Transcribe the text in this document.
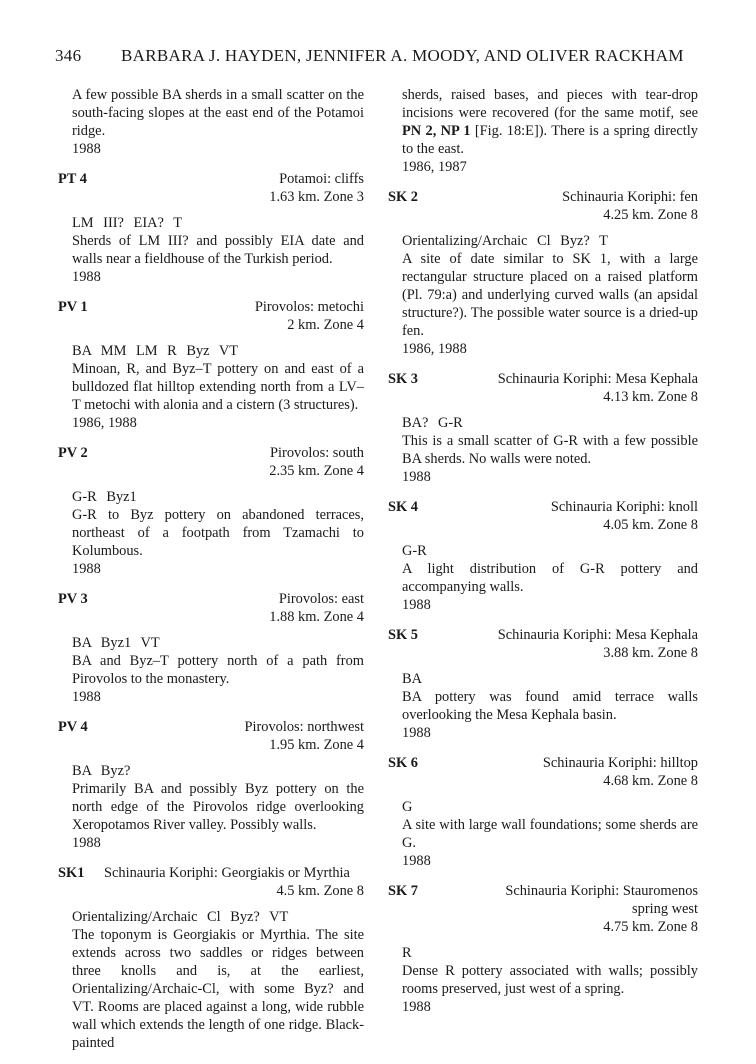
346 BARBARA J. HAYDEN, JENNIFER A. MOODY, AND OLIVER RACKHAM
A few possible BA sherds in a small scatter on the south-facing slopes at the east end of the Potamoi ridge.
1988
PT 4	Potamoi: cliffs
1.63 km. Zone 3
LM III? EIA? T
Sherds of LM III? and possibly EIA date and walls near a fieldhouse of the Turkish period.
1988
PV 1	Pirovolos: metochi
2 km. Zone 4
BA MM LM R Byz VT
Minoan, R, and Byz–T pottery on and east of a bulldozed flat hilltop extending north from a LV–T metochi with alonia and a cistern (3 structures).
1986, 1988
PV 2	Pirovolos: south
2.35 km. Zone 4
G-R Byz1
G-R to Byz pottery on abandoned terraces, northeast of a footpath from Tzamachi to Kolumbous.
1988
PV 3	Pirovolos: east
1.88 km. Zone 4
BA Byz1 VT
BA and Byz–T pottery north of a path from Pirovolos to the monastery.
1988
PV 4	Pirovolos: northwest
1.95 km. Zone 4
BA Byz?
Primarily BA and possibly Byz pottery on the north edge of the Pirovolos ridge overlooking Xeropotamos River valley. Possibly walls.
1988
SK1 Schinauria Koriphi: Georgiakis or Myrthia
4.5 km. Zone 8
Orientalizing/Archaic Cl Byz? VT
The toponym is Georgiakis or Myrthia. The site extends across two saddles or ridges between three knolls and is, at the earliest, Orientalizing/Archaic-Cl, with some Byz? and VT. Rooms are placed against a long, wide rubble wall which extends the length of one ridge. Black-painted
sherds, raised bases, and pieces with tear-drop incisions were recovered (for the same motif, see PN 2, NP 1 [Fig. 18:E]). There is a spring directly to the east.
1986, 1987
SK 2	Schinauria Koriphi: fen
4.25 km. Zone 8
Orientalizing/Archaic Cl Byz? T
A site of date similar to SK 1, with a large rectangular structure placed on a raised platform (Pl. 79:a) and underlying curved walls (an apsidal structure?). The possible water source is a dried-up fen.
1986, 1988
SK 3	Schinauria Koriphi: Mesa Kephala
4.13 km. Zone 8
BA? G-R
This is a small scatter of G-R with a few possible BA sherds. No walls were noted.
1988
SK 4	Schinauria Koriphi: knoll
4.05 km. Zone 8
G-R
A light distribution of G-R pottery and accompanying walls.
1988
SK 5	Schinauria Koriphi: Mesa Kephala
3.88 km. Zone 8
BA
BA pottery was found amid terrace walls overlooking the Mesa Kephala basin.
1988
SK 6	Schinauria Koriphi: hilltop
4.68 km. Zone 8
G
A site with large wall foundations; some sherds are G.
1988
SK 7	Schinauria Koriphi: Stauromenos spring west
4.75 km. Zone 8
R
Dense R pottery associated with walls; possibly rooms preserved, just west of a spring.
1988
